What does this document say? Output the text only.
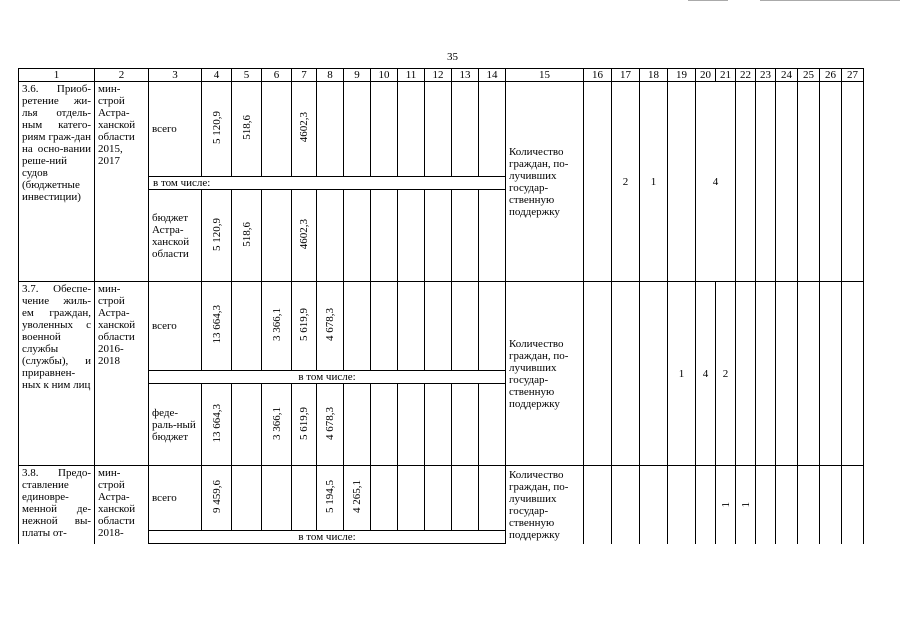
35
1	2	3	4	5	6	7	8	9	10	11	12	13	14	15	16	17	18	19	20	21	22	23	24	25	26	27
3.6. Приоб-ретение жи-лья отдель-ным катего-риям граж-дан на осно-вании реше-ний судов (бюджетные инвестиции)	мин-строй Астра-ханской области 2015, 2017	всего	5 120,9	518,6		4602,3								Количество граждан, по-лучивших государ-ственную поддержку		2	1		4							
		в том числе:																								
		бюджет Астра-ханской области	5 120,9	518,6		4602,3																				
3.7. Обеспе-чение жиль-ем граждан, уволенных с военной службы (службы), и приравнен-ных к ним лиц	мин-строй Астра-ханской области 2016-2018	всего	13 664,3		3 366,1	5 619,9	4 678,3							Количество граждан, по-лучивших государ-ственную поддержку				1	4	2						
		в том числе:																								
		феде-раль-ный бюджет	13 664,3		3 366,1	5 619,9	4 678,3																			
3.8. Предо-ставление единовре-менной де-нежной вы-платы от-	мин-строй Астра-ханской области 2018-	всего	9 459,6				5 194,5	4 265,1						Количество граждан, по-лучивших государ-ственную поддержку						1	1					
		в том числе:																								
